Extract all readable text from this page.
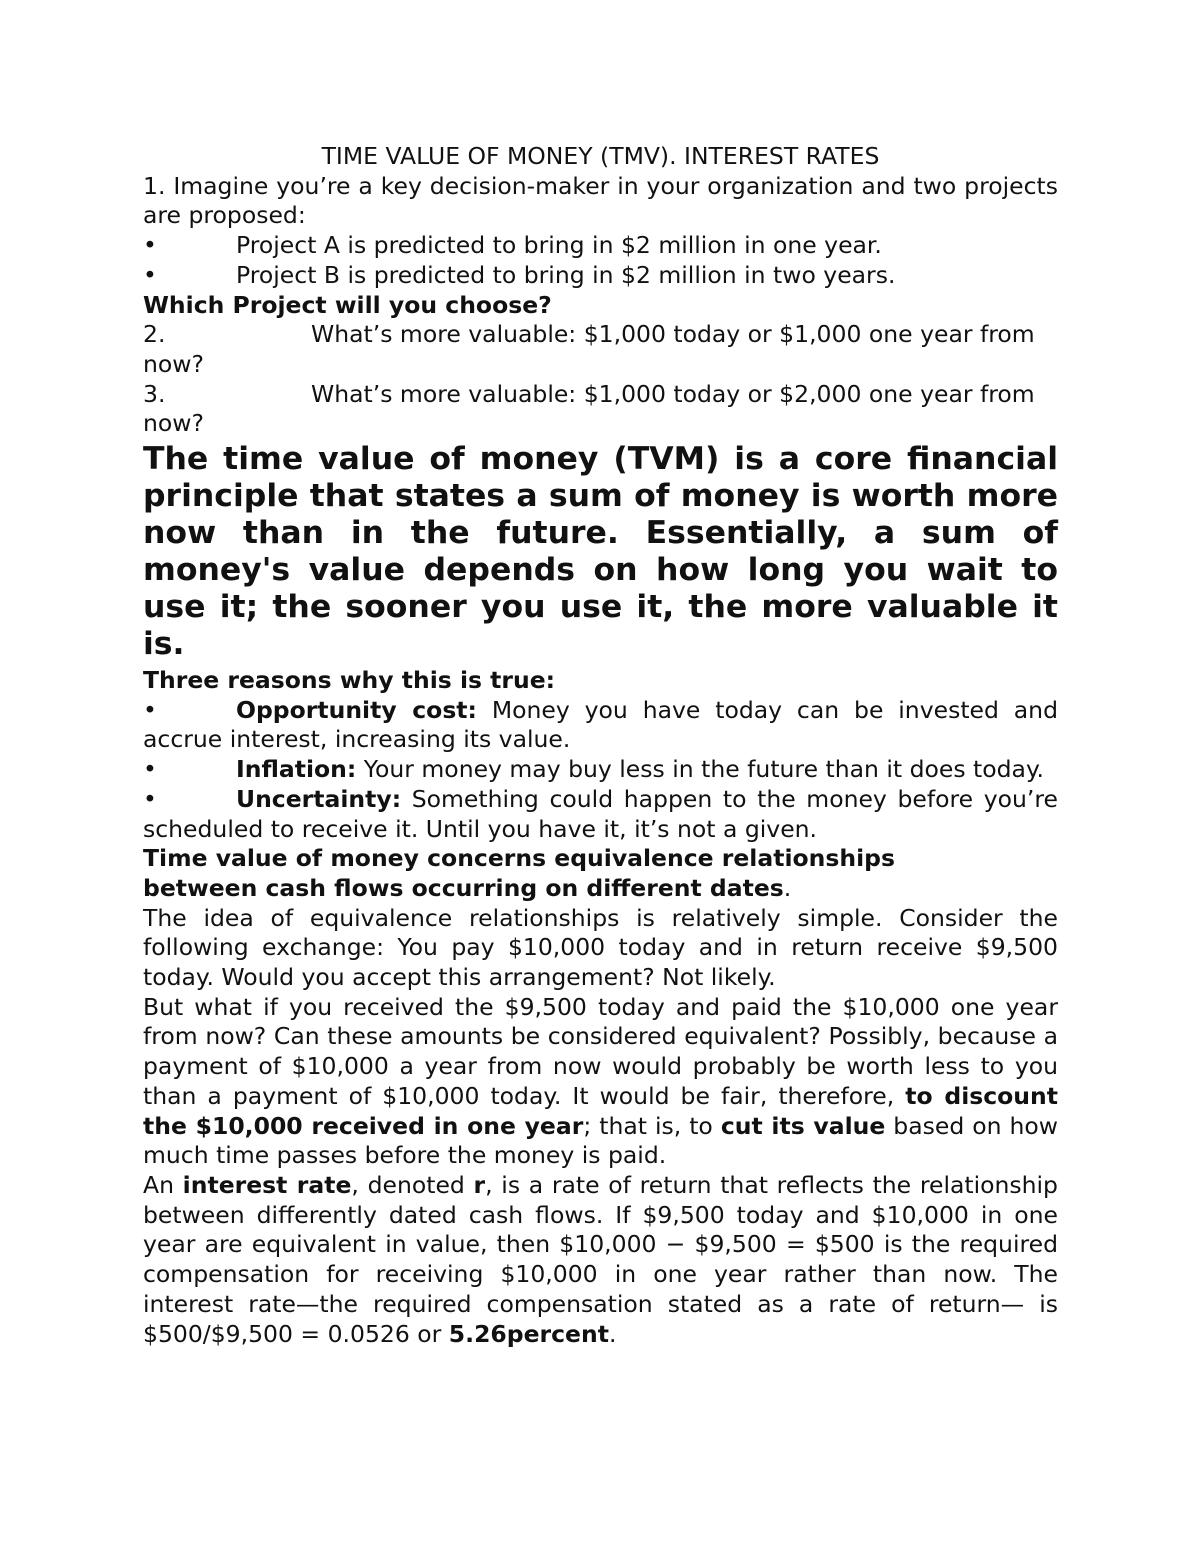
TIME VALUE OF MONEY (TMV). INTEREST RATES

1. Imagine you’re a key decision-maker in your organization and two projects are proposed:

•	Project A is predicted to bring in $2 million in one year.

•	Project B is predicted to bring in $2 million in two years.

Which Project will you choose?

2.	What’s more valuable: $1,000 today or $1,000 one year from now?

3.	What’s more valuable: $1,000 today or $2,000 one year from now?

The time value of money (TVM) is a core financial principle that states a sum of money is worth more now than in the future. Essentially, a sum of money's value depends on how long you wait to use it; the sooner you use it, the more valuable it is.

Three reasons why this is true:

•	Opportunity cost: Money you have today can be invested and accrue interest, increasing its value.

•	Inflation: Your money may buy less in the future than it does today.

•	Uncertainty: Something could happen to the money before you’re scheduled to receive it. Until you have it, it’s not a given.

Time value of money concerns equivalence relationships between cash flows occurring on different dates.

The idea of equivalence relationships is relatively simple. Consider the following exchange: You pay $10,000 today and in return receive $9,500 today. Would you accept this arrangement? Not likely.

But what if you received the $9,500 today and paid the $10,000 one year from now? Can these amounts be considered equivalent? Possibly, because a payment of $10,000 a year from now would probably be worth less to you than a payment of $10,000 today. It would be fair, therefore, to discount the $10,000 received in one year; that is, to cut its value based on how much time passes before the money is paid.

An interest rate, denoted r, is a rate of return that reflects the relationship between differently dated cash flows. If $9,500 today and $10,000 in one year are equivalent in value, then $10,000 − $9,500 = $500 is the required compensation for receiving $10,000 in one year rather than now. The interest rate—the required compensation stated as a rate of return— is $500/$9,500 = 0.0526 or 5.26percent.
